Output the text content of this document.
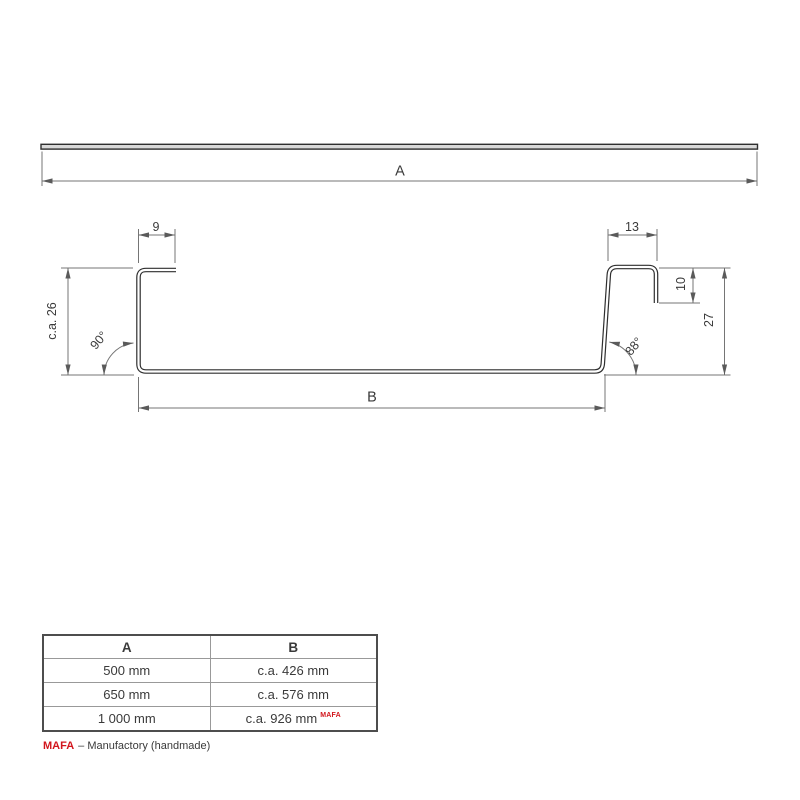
A
9	13
c.a. 26
10
27
B
90°	88°
A	B
500 mm	c.a. 426 mm
650 mm	c.a. 576 mm
1 000 mm	c.a. 926 mm $^{MAFA}$
MAFA – Manufactory (handmade)
